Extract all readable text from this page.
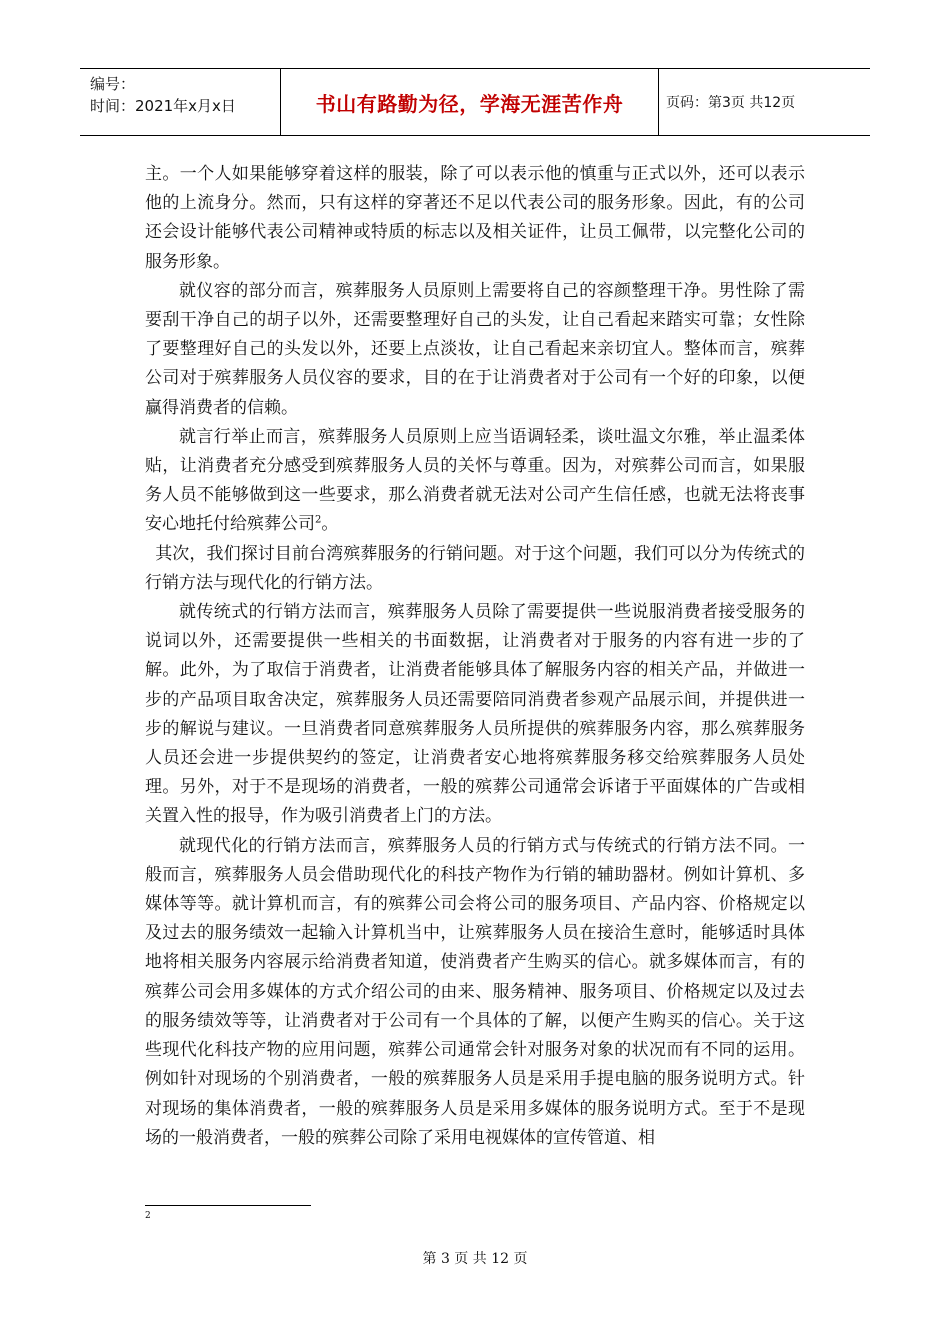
编号：
时间：2021年x月x日	书山有路勤为径，学海无涯苦作舟	页码：第3页 共12页

主。一个人如果能够穿着这样的服装，除了可以表示他的慎重与正式以外，还可以表示他的上流身分。然而，只有这样的穿著还不足以代表公司的服务形象。因此，有的公司还会设计能够代表公司精神或特质的标志以及相关证件，让员工佩带，以完整化公司的服务形象。

就仪容的部分而言，殡葬服务人员原则上需要将自己的容颜整理干净。男性除了需要刮干净自己的胡子以外，还需要整理好自己的头发，让自己看起来踏实可靠；女性除了要整理好自己的头发以外，还要上点淡妆，让自己看起来亲切宜人。整体而言，殡葬公司对于殡葬服务人员仪容的要求，目的在于让消费者对于公司有一个好的印象，以便赢得消费者的信赖。

就言行举止而言，殡葬服务人员原则上应当语调轻柔，谈吐温文尔雅，举止温柔体贴，让消费者充分感受到殡葬服务人员的关怀与尊重。因为，对殡葬公司而言，如果服务人员不能够做到这一些要求，那么消费者就无法对公司产生信任感，也就无法将丧事安心地托付给殡葬公司$^2$。

其次，我们探讨目前台湾殡葬服务的行销问题。对于这个问题，我们可以分为传统式的行销方法与现代化的行销方法。

就传统式的行销方法而言，殡葬服务人员除了需要提供一些说服消费者接受服务的说词以外，还需要提供一些相关的书面数据，让消费者对于服务的内容有进一步的了解。此外，为了取信于消费者，让消费者能够具体了解服务内容的相关产品，并做进一步的产品项目取舍决定，殡葬服务人员还需要陪同消费者参观产品展示间，并提供进一步的解说与建议。一旦消费者同意殡葬服务人员所提供的殡葬服务内容，那么殡葬服务人员还会进一步提供契约的签定，让消费者安心地将殡葬服务移交给殡葬服务人员处理。另外，对于不是现场的消费者，一般的殡葬公司通常会诉诸于平面媒体的广告或相关置入性的报导，作为吸引消费者上门的方法。

就现代化的行销方法而言，殡葬服务人员的行销方式与传统式的行销方法不同。一般而言，殡葬服务人员会借助现代化的科技产物作为行销的辅助器材。例如计算机、多媒体等等。就计算机而言，有的殡葬公司会将公司的服务项目、产品内容、价格规定以及过去的服务绩效一起输入计算机当中，让殡葬服务人员在接洽生意时，能够适时具体地将相关服务内容展示给消费者知道，使消费者产生购买的信心。就多媒体而言，有的殡葬公司会用多媒体的方式介绍公司的由来、服务精神、服务项目、价格规定以及过去的服务绩效等等，让消费者对于公司有一个具体的了解，以便产生购买的信心。关于这些现代化科技产物的应用问题，殡葬公司通常会针对服务对象的状况而有不同的运用。例如针对现场的个别消费者，一般的殡葬服务人员是采用手提电脑的服务说明方式。针对现场的集体消费者，一般的殡葬服务人员是采用多媒体的服务说明方式。至于不是现场的一般消费者，一般的殡葬公司除了采用电视媒体的宣传管道、相

2
第 3 页 共 12 页
